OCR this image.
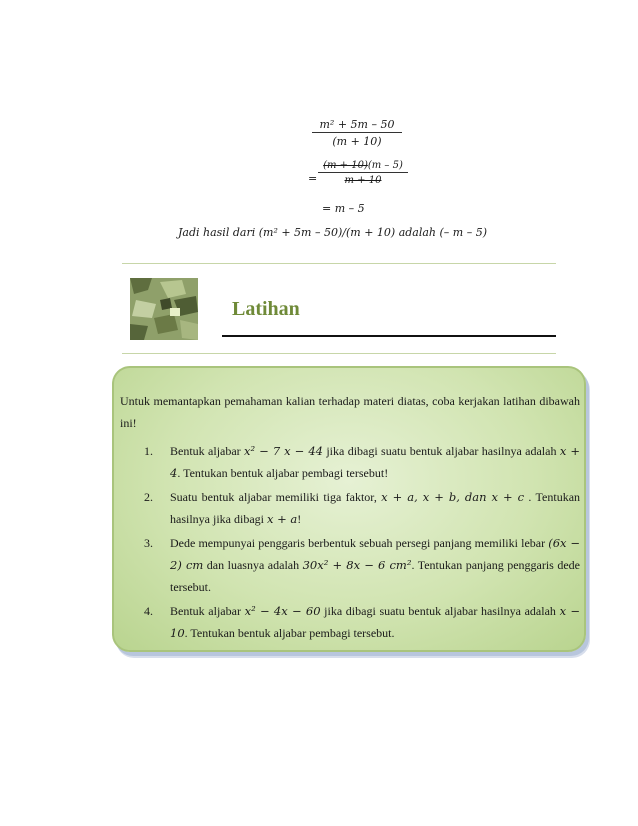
$\frac{\text{m² + 5m – 50}}{(m + 10)}$
= $\frac{(m + 10)(m - 5)}{m + 10}$
= m – 5
Jadi hasil dari (m² + 5m – 50)/(m + 10) adalah (– m – 5)
Latihan
Untuk memantapkan pemahaman kalian terhadap materi diatas, coba kerjakan latihan dibawah ini!
1. Bentuk aljabar x² − 7 x − 44 jika dibagi suatu bentuk aljabar hasilnya adalah x + 4. Tentukan bentuk aljabar pembagi tersebut!
2. Suatu bentuk aljabar memiliki tiga faktor, x + a, x + b, dan x + c . Tentukan hasilnya jika dibagi x + a!
3. Dede mempunyai penggaris berbentuk sebuah persegi panjang memiliki lebar (6x − 2) cm dan luasnya adalah 30x² + 8x − 6 cm². Tentukan panjang penggaris dede tersebut.
4. Bentuk aljabar x² − 4x − 60 jika dibagi suatu bentuk aljabar hasilnya adalah x − 10. Tentukan bentuk aljabar pembagi tersebut.
